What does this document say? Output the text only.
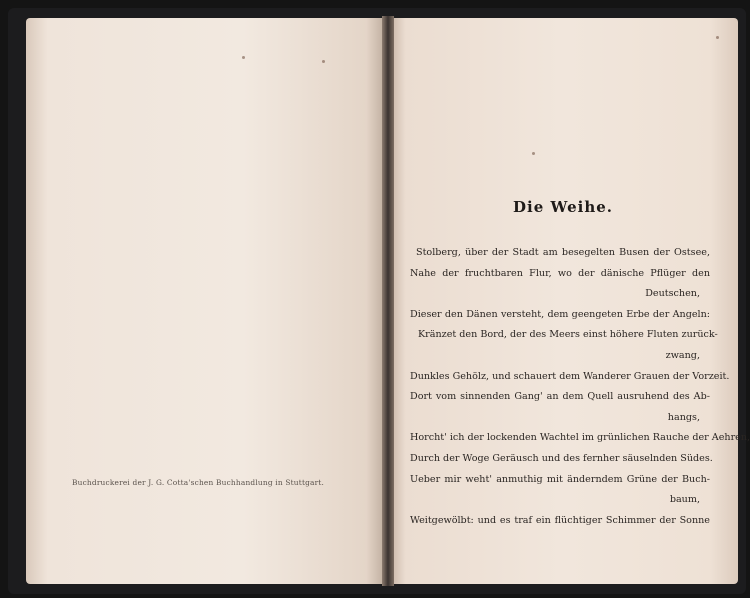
Buchdruckerei der J. G. Cotta'schen Buchhandlung in Stuttgart.
Die Weihe.
Stolberg, über der Stadt am besegelten Busen der Ostsee,
Nahe der fruchtbaren Flur, wo der dänische Pflüger den
Deutschen,
Dieser den Dänen versteht, dem geengeten Erbe der Angeln:
Kränzet den Bord, der des Meers einst höhere Fluten zurück-
zwang,
Dunkles Gehölz, und schauert dem Wanderer Grauen der Vorzeit.
Dort vom sinnenden Gang' an dem Quell ausruhend des Ab-
hangs,
Horcht' ich der lockenden Wachtel im grünlichen Rauche der Aehren,
Durch der Woge Geräusch und des fernher säuselnden Südes.
Ueber mir weht' anmuthig mit änderndem Grüne der Buch-
baum,
Weitgewölbt: und es traf ein flüchtiger Schimmer der Sonne
